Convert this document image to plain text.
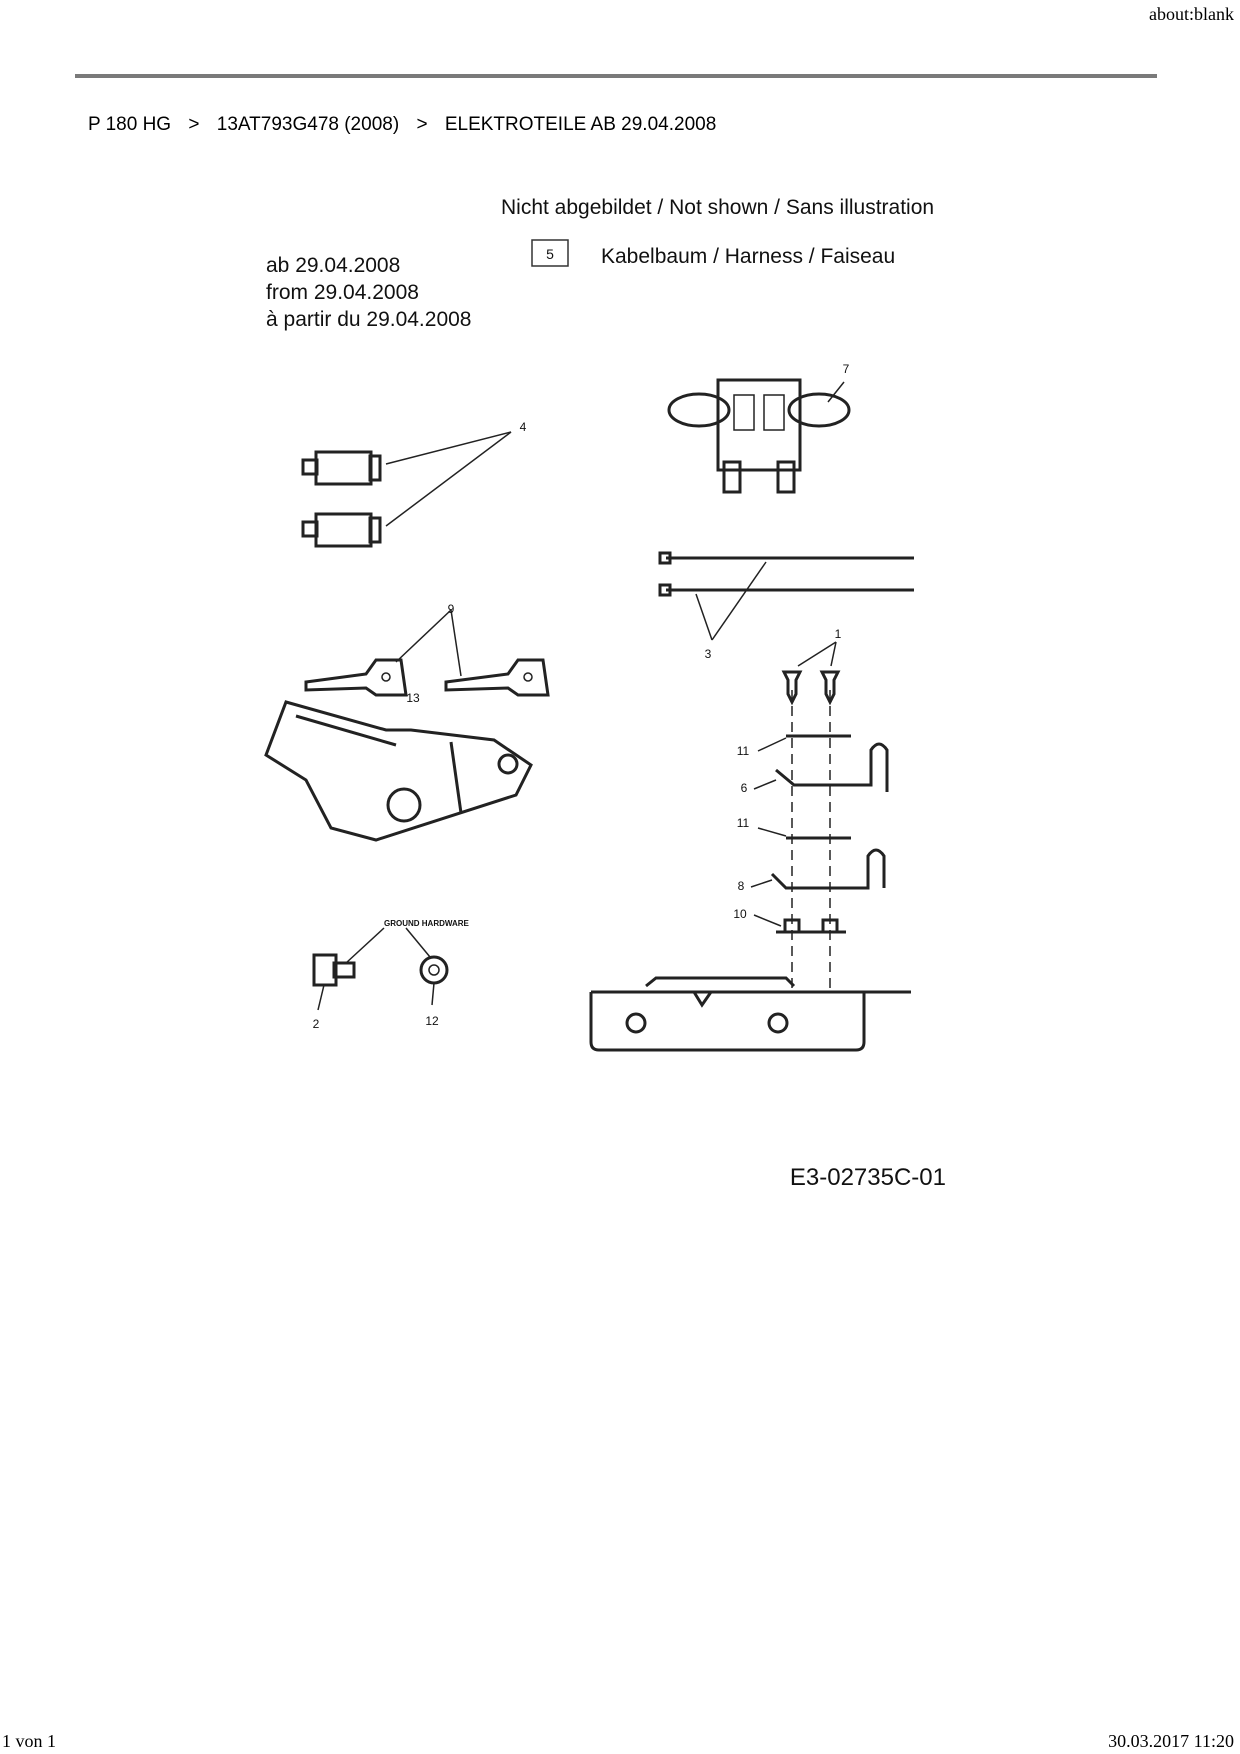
about:blank
P 180 HG > 13AT793G478 (2008) > ELEKTROTEILE AB 29.04.2008
Nicht abgebildet / Not shown / Sans illustration
5 Kabelbaum / Harness / Faiseau
ab 29.04.2008
from 29.04.2008
à partir du 29.04.2008
4
9
13
GROUND HARDWARE
2	12
7
3
1
11
6
11
8
10
E3-02735C-01
1 von 1	30.03.2017 11:20
